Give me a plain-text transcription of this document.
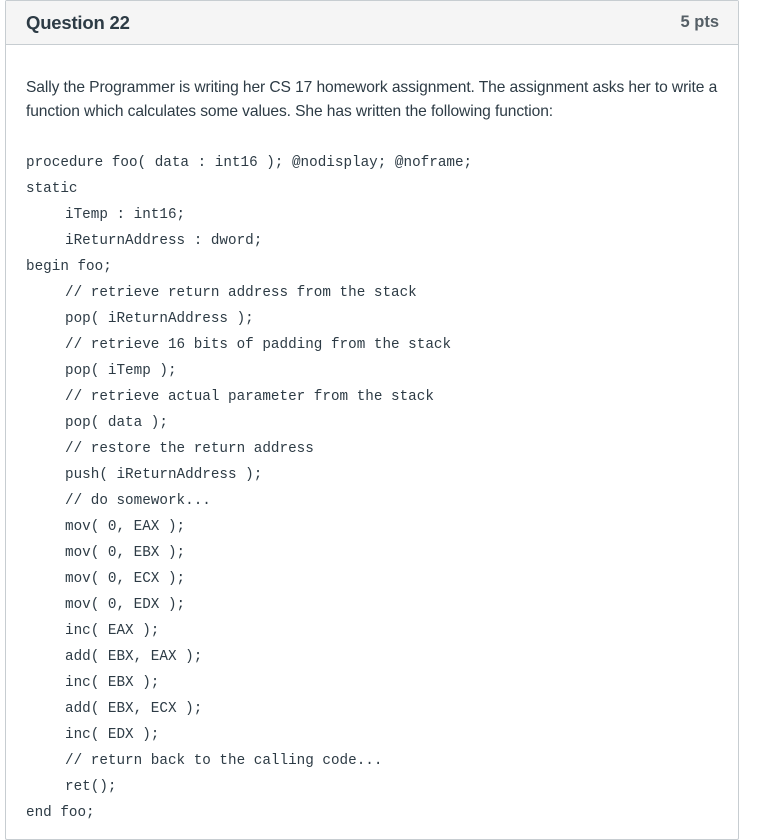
Question 22	5 pts

Sally the Programmer is writing her CS 17 homework assignment. The assignment asks her to write a function which calculates some values. She has written the following function:

procedure foo( data : int16 ); @nodisplay; @noframe;
static
iTemp : int16;
iReturnAddress : dword;
begin foo;
// retrieve return address from the stack
pop( iReturnAddress );
// retrieve 16 bits of padding from the stack
pop( iTemp );
// retrieve actual parameter from the stack
pop( data );
// restore the return address
push( iReturnAddress );
// do somework...
mov( 0, EAX );
mov( 0, EBX );
mov( 0, ECX );
mov( 0, EDX );
inc( EAX );
add( EBX, EAX );
inc( EBX );
add( EBX, ECX );
inc( EDX );
// return back to the calling code...
ret();
end foo;
